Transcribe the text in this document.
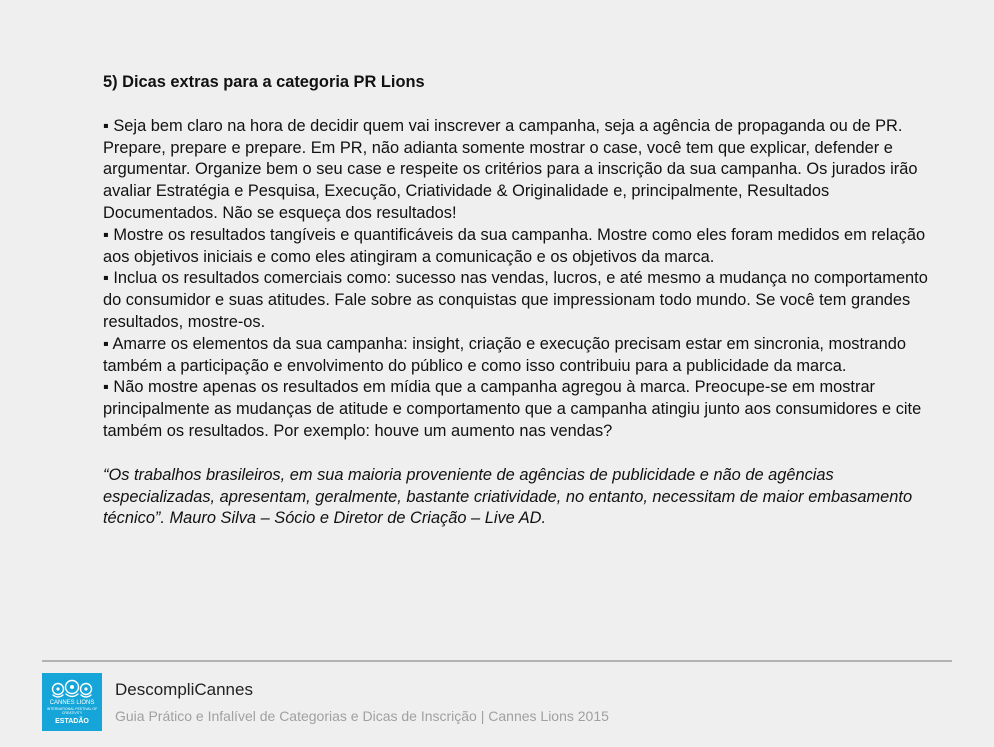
5) Dicas extras para a categoria PR Lions

▪ Seja bem claro na hora de decidir quem vai inscrever a campanha, seja a agência de propaganda ou de PR. Prepare, prepare e prepare. Em PR, não adianta somente mostrar o case, você tem que explicar, defender e argumentar. Organize bem o seu case e respeite os critérios para a inscrição da sua campanha. Os jurados irão avaliar Estratégia e Pesquisa, Execução, Criatividade & Originalidade e, principalmente, Resultados Documentados. Não se esqueça dos resultados!

▪ Mostre os resultados tangíveis e quantificáveis da sua campanha. Mostre como eles foram medidos em relação aos objetivos iniciais e como eles atingiram a comunicação e os objetivos da marca.

▪ Inclua os resultados comerciais como: sucesso nas vendas, lucros, e até mesmo a mudança no comportamento do consumidor e suas atitudes. Fale sobre as conquistas que impressionam todo mundo. Se você tem grandes resultados, mostre-os.

▪ Amarre os elementos da sua campanha: insight, criação e execução precisam estar em sincronia, mostrando também a participação e envolvimento do público e como isso contribuiu para a publicidade da marca.

▪ Não mostre apenas os resultados em mídia que a campanha agregou à marca. Preocupe-se em mostrar principalmente as mudanças de atitude e comportamento que a campanha atingiu junto aos consumidores e cite também os resultados. Por exemplo: houve um aumento nas vendas?

“Os trabalhos brasileiros, em sua maioria proveniente de agências de publicidade e não de agências especializadas, apresentam, geralmente, bastante criatividade, no entanto, necessitam de maior embasamento técnico”. Mauro Silva – Sócio e Diretor de Criação – Live AD.

CANNES LIONS
INTERNATIONAL FESTIVAL OF CREATIVITY
ESTADÃO
DescompliCannes
Guia Prático e Infalível de Categorias e Dicas de Inscrição | Cannes Lions 2015
